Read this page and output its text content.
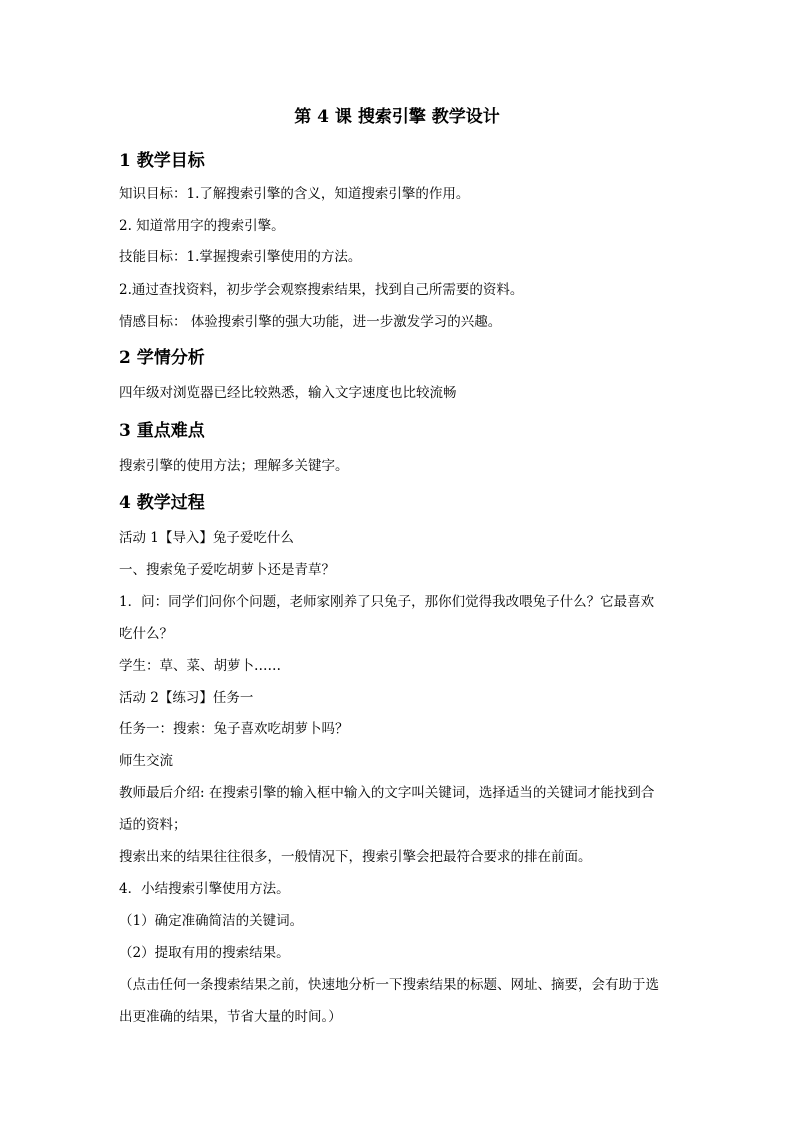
第 4 课 搜索引擎 教学设计
1 教学目标

知识目标：1.了解搜索引擎的含义，知道搜索引擎的作用。

2. 知道常用字的搜索引擎。

技能目标：1.掌握搜索引擎使用的方法。

2.通过查找资料，初步学会观察搜索结果，找到自己所需要的资料。

情感目标： 体验搜索引擎的强大功能，进一步激发学习的兴趣。

2 学情分析

四年级对浏览器已经比较熟悉，输入文字速度也比较流畅

3 重点难点

搜索引擎的使用方法；理解多关键字。

4 教学过程

活动 1【导入】兔子爱吃什么

一、搜索兔子爱吃胡萝卜还是青草？

1．问：同学们问你个问题，老师家刚养了只兔子，那你们觉得我改喂兔子什么？它最喜欢

吃什么？

学生：草、菜、胡萝卜……

活动 2【练习】任务一

任务一：搜索：兔子喜欢吃胡萝卜吗？

师生交流

教师最后介绍: 在搜索引擎的输入框中输入的文字叫关键词，选择适当的关键词才能找到合

适的资料；

搜索出来的结果往往很多，一般情况下，搜索引擎会把最符合要求的排在前面。

4．小结搜索引擎使用方法。

（1）确定准确简洁的关键词。

（2）提取有用的搜索结果。

（点击任何一条搜索结果之前，快速地分析一下搜索结果的标题、网址、摘要，会有助于选

出更准确的结果，节省大量的时间。）
